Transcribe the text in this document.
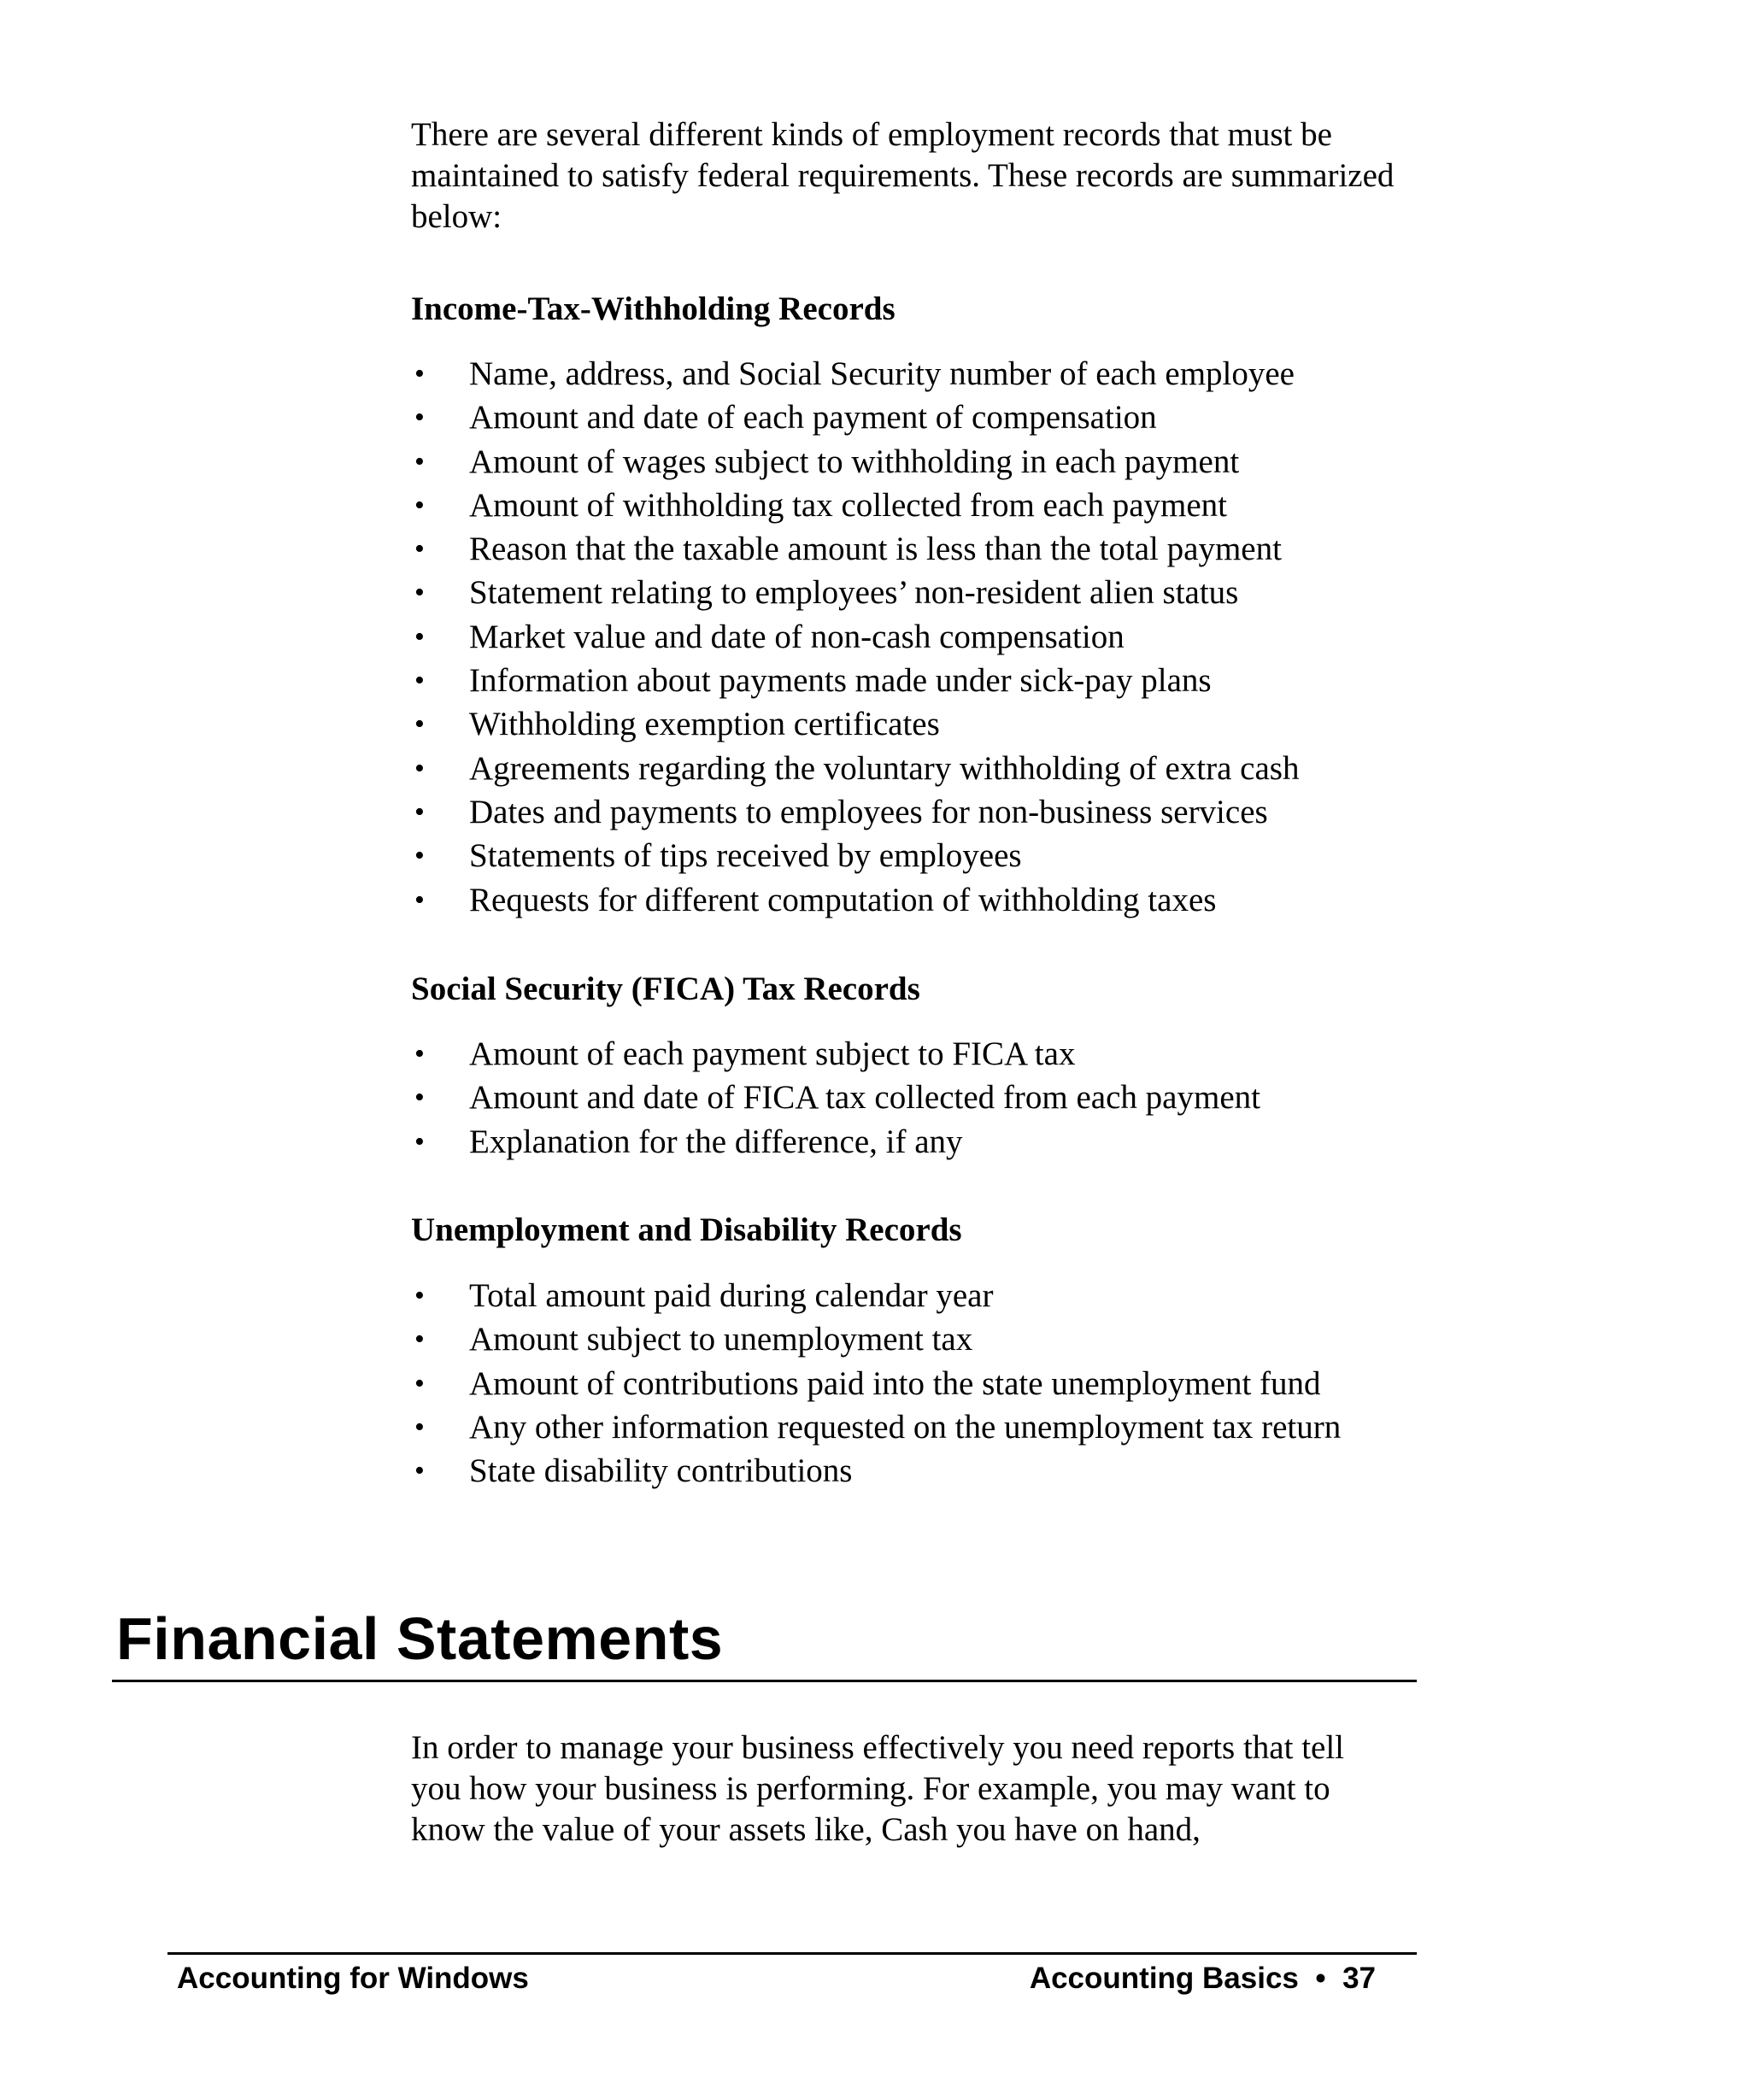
There are several different kinds of employment records that must be maintained to satisfy federal requirements. These records are summarized below:

Income-Tax-Withholding Records
• Name, address, and Social Security number of each employee
• Amount and date of each payment of compensation
• Amount of wages subject to withholding in each payment
• Amount of withholding tax collected from each payment
• Reason that the taxable amount is less than the total payment
• Statement relating to employees’ non-resident alien status
• Market value and date of non-cash compensation
• Information about payments made under sick-pay plans
• Withholding exemption certificates
• Agreements regarding the voluntary withholding of extra cash
• Dates and payments to employees for non-business services
• Statements of tips received by employees
• Requests for different computation of withholding taxes
Social Security (FICA) Tax Records
• Amount of each payment subject to FICA tax
• Amount and date of FICA tax collected from each payment
• Explanation for the difference, if any
Unemployment and Disability Records
• Total amount paid during calendar year
• Amount subject to unemployment tax
• Amount of contributions paid into the state unemployment fund
• Any other information requested on the unemployment tax return
• State disability contributions
Financial Statements

In order to manage your business effectively you need reports that tell you how your business is performing. For example, you may want to know the value of your assets like, Cash you have on hand,

Accounting for Windows	Accounting Basics • 37
